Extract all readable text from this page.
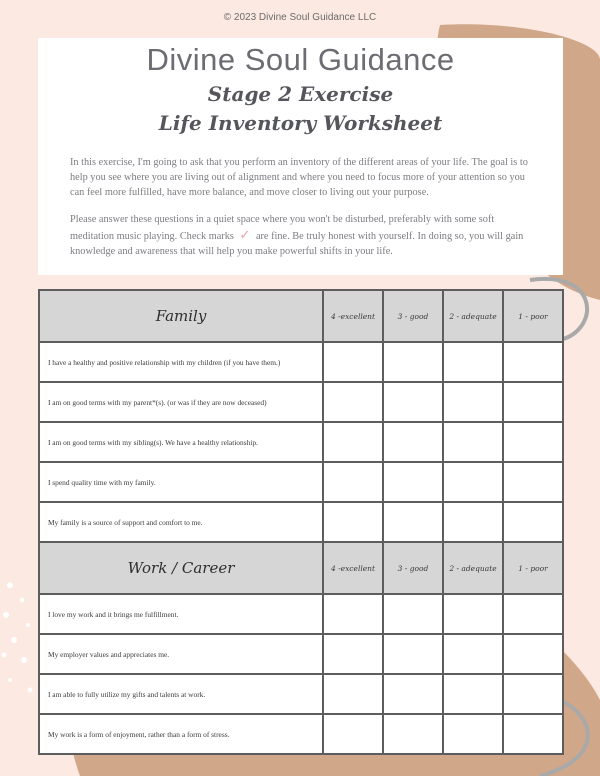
© 2023 Divine Soul Guidance LLC
Divine Soul Guidance
Stage 2 Exercise
Life Inventory Worksheet

In this exercise, I'm going to ask that you perform an inventory of the different areas of your life. The goal is to help you see where you are living out of alignment and where you need to focus more of your attention so you can feel more fulfilled, have more balance, and move closer to living out your purpose.

Please answer these questions in a quiet space where you won't be disturbed, preferably with some soft meditation music playing. Check marks ✓ are fine. Be truly honest with yourself. In doing so, you will gain knowledge and awareness that will help you make powerful shifts in your life.

Family	4 -excellent	3 - good	2 - adequate	1 - poor
I have a healthy and positive relationship with my children (if you have them.)				
I am on good terms with my parent*(s). (or was if they are now deceased)				
I am on good terms with my sibling(s). We have a healthy relationship.				
I spend quality time with my family.				
My family is a source of support and comfort to me.				
Work / Career	4 -excellent	3 - good	2 - adequate	1 - poor
I love my work and it brings me fulfillment.				
My employer values and appreciates me.				
I am able to fully utilize my gifts and talents at work.				
My work is a form of enjoyment, rather than a form of stress.				
